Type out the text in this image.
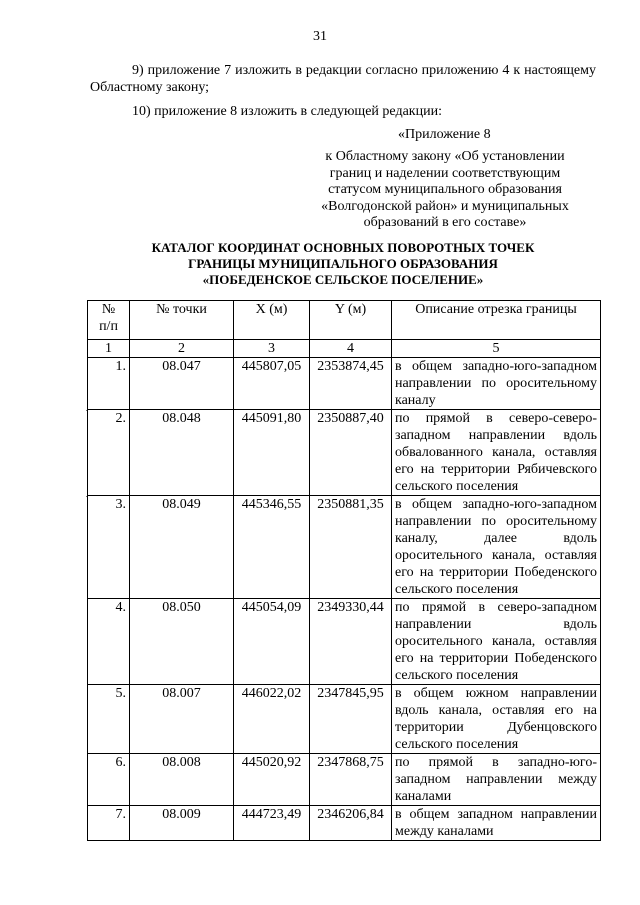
31
9) приложение 7 изложить в редакции согласно приложению 4 к настоящему Областному закону;
10) приложение 8 изложить в следующей редакции:
«Приложение 8
к Областному закону «Об установлении
границ и наделении соответствующим
статусом муниципального образования
«Волгодонской район» и муниципальных
образований в его составе»
КАТАЛОГ КООРДИНАТ ОСНОВНЫХ ПОВОРОТНЫХ ТОЧЕК
ГРАНИЦЫ МУНИЦИПАЛЬНОГО ОБРАЗОВАНИЯ
«ПОБЕДЕНСКОЕ СЕЛЬСКОЕ ПОСЕЛЕНИЕ»
№
п/п	№ точки	X (м)	Y (м)	Описание отрезка границы
1	2	3	4	5
1.	08.047	445807,05	2353874,45	в общем западно-юго-западном направлении по оросительному каналу
2.	08.048	445091,80	2350887,40	по прямой в северо-северо-западном направлении вдоль обвалованного канала, оставляя его на территории Рябичевского сельского поселения
3.	08.049	445346,55	2350881,35	в общем западно-юго-западном направлении по оросительному каналу, далее вдоль оросительного канала, оставляя его на территории Победенского сельского поселения
4.	08.050	445054,09	2349330,44	по прямой в северо-западном направлении вдоль оросительного канала, оставляя его на территории Победенского сельского поселения
5.	08.007	446022,02	2347845,95	в общем южном направлении вдоль канала, оставляя его на территории Дубенцовского сельского поселения
6.	08.008	445020,92	2347868,75	по прямой в западно-юго-западном направлении между каналами
7.	08.009	444723,49	2346206,84	в общем западном направлении между каналами
